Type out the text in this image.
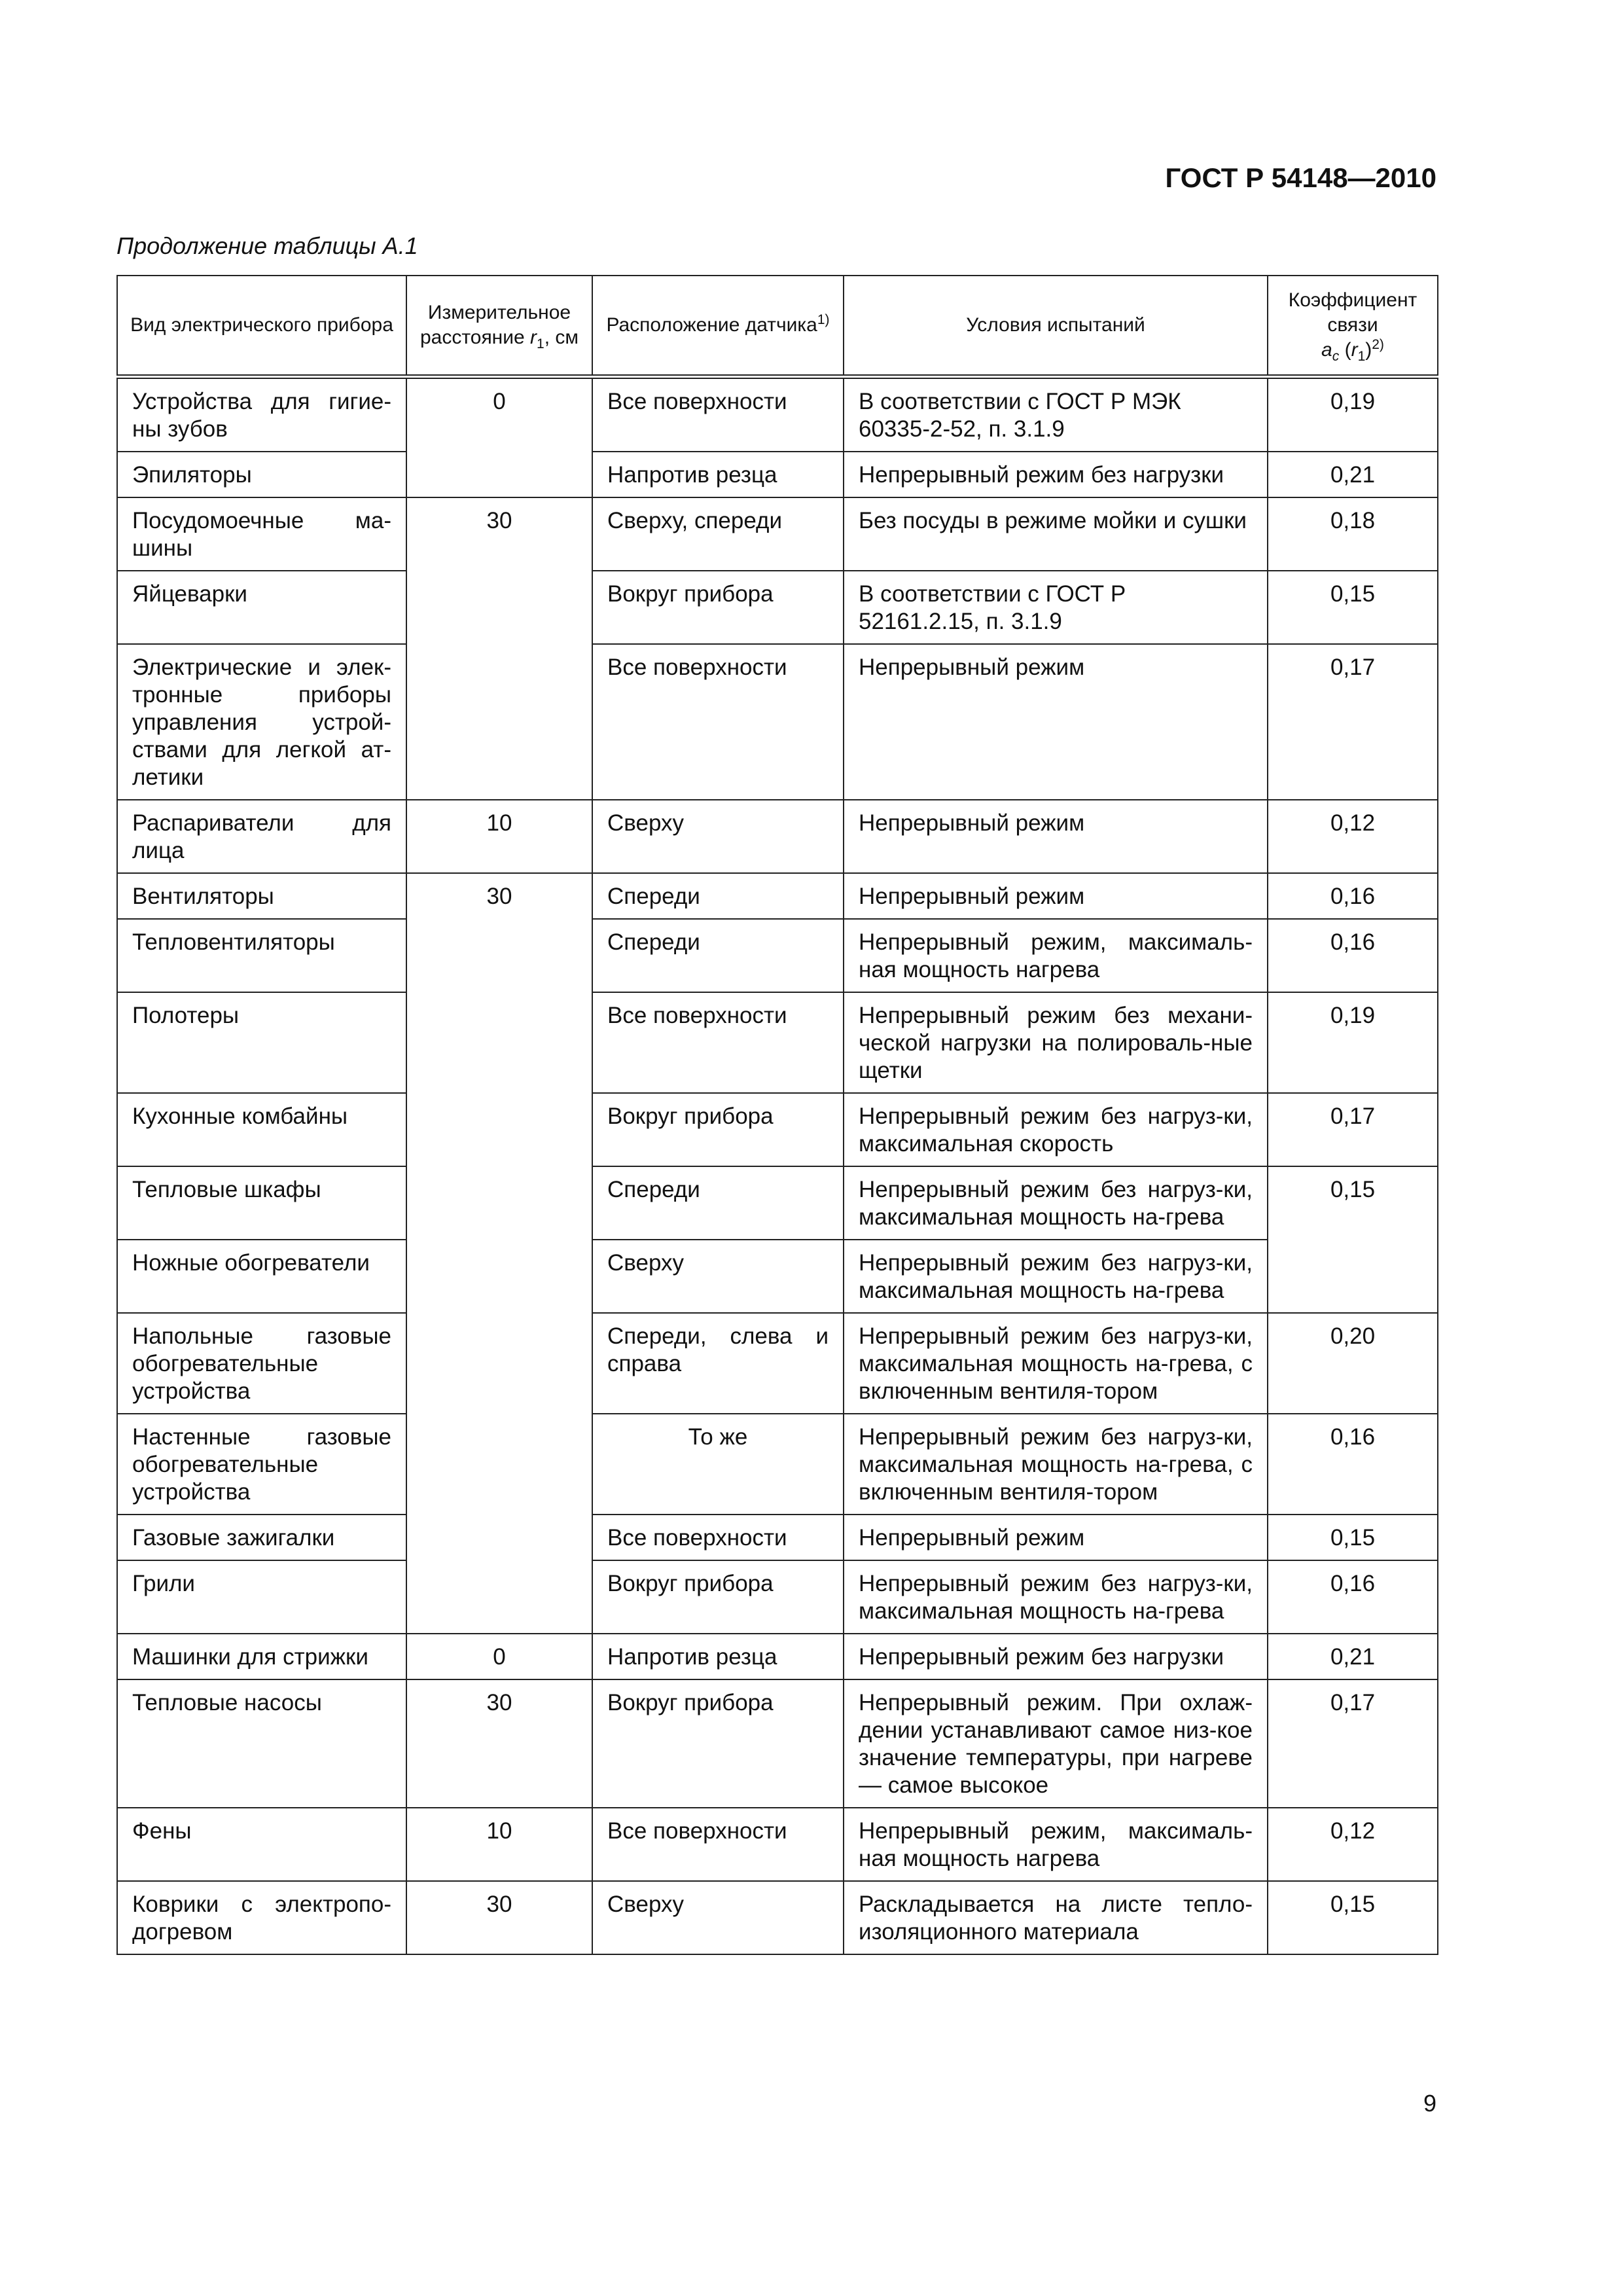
ГОСТ Р 54148—2010
Продолжение таблицы А.1
Вид электрического прибора	Измерительное расстояние $r_1$, см	Расположение датчика$^{1)}$	Условия испытаний	Коэффициент связи
$a_c$ $(r_1)^{2)}$
Устройства для гигие-ны зубов	0	Все поверхности	В соответствии с ГОСТ Р МЭК 60335-2-52, п. 3.1.9	0,19
Эпиляторы		Напротив резца	Непрерывный режим без нагрузки	0,21
Посудомоечные ма-шины	30	Сверху, спереди	Без посуды в режиме мойки и сушки	0,18
Яйцеварки		Вокруг прибора	В соответствии с ГОСТ Р 52161.2.15, п. 3.1.9	0,15
Электрические и элек-тронные приборы управления устрой-ствами для легкой ат-летики		Все поверхности	Непрерывный режим	0,17
Распариватели для лица	10	Сверху	Непрерывный режим	0,12
Вентиляторы	30	Спереди	Непрерывный режим	0,16
Тепловентиляторы		Спереди	Непрерывный режим, максималь-ная мощность нагрева	0,16
Полотеры		Все поверхности	Непрерывный режим без механи-ческой нагрузки на полироваль-ные щетки	0,19
Кухонные комбайны		Вокруг прибора	Непрерывный режим без нагруз-ки, максимальная скорость	0,17
Тепловые шкафы		Спереди	Непрерывный режим без нагруз-ки, максимальная мощность на-грева	0,15
Ножные обогреватели		Сверху	Непрерывный режим без нагруз-ки, максимальная мощность на-грева	
Напольные газовые обогревательные устройства		Спереди, слева и справа	Непрерывный режим без нагруз-ки, максимальная мощность на-грева, с включенным вентиля-тором	0,20
Настенные газовые обогревательные устройства		То же	Непрерывный режим без нагруз-ки, максимальная мощность на-грева, с включенным вентиля-тором	0,16
Газовые зажигалки		Все поверхности	Непрерывный режим	0,15
Грили		Вокруг прибора	Непрерывный режим без нагруз-ки, максимальная мощность на-грева	0,16
Машинки для стрижки	0	Напротив резца	Непрерывный режим без нагрузки	0,21
Тепловые насосы	30	Вокруг прибора	Непрерывный режим. При охлаж-дении устанавливают самое низ-кое значение температуры, при нагреве — самое высокое	0,17
Фены	10	Все поверхности	Непрерывный режим, максималь-ная мощность нагрева	0,12
Коврики с электропо-догревом	30	Сверху	Раскладывается на листе тепло-изоляционного материала	0,15
9
